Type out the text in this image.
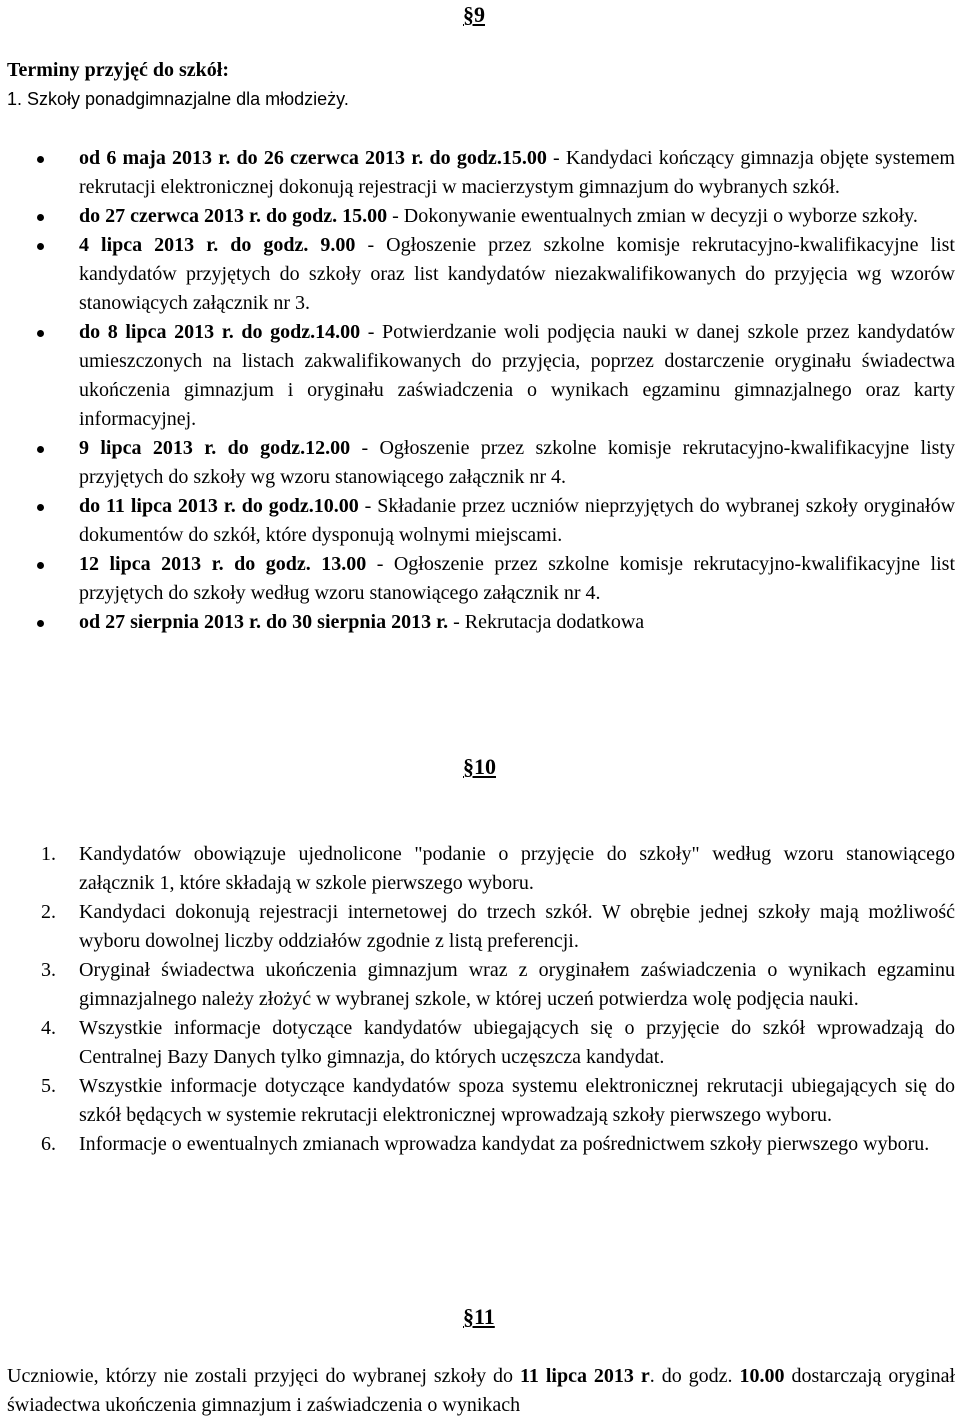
§9
Terminy przyjęć do szkół:
1. Szkoły ponadgimnazjalne dla młodzieży.
od 6 maja 2013 r. do 26 czerwca 2013 r. do godz.15.00 - Kandydaci kończący gimnazja objęte systemem rekrutacji elektronicznej dokonują rejestracji w macierzystym gimnazjum do wybranych szkół.
do 27 czerwca 2013 r. do godz. 15.00 - Dokonywanie ewentualnych zmian w decyzji o wyborze szkoły.
4 lipca 2013 r. do godz. 9.00 - Ogłoszenie przez szkolne komisje rekrutacyjno-kwalifikacyjne list kandydatów przyjętych do szkoły oraz list kandydatów niezakwalifikowanych do przyjęcia wg wzorów stanowiących załącznik nr 3.
do 8 lipca 2013 r. do godz.14.00 - Potwierdzanie woli podjęcia nauki w danej szkole przez kandydatów umieszczonych na listach zakwalifikowanych do przyjęcia, poprzez dostarczenie oryginału świadectwa ukończenia gimnazjum i oryginału zaświadczenia o wynikach egzaminu gimnazjalnego oraz karty informacyjnej.
9 lipca 2013 r. do godz.12.00 - Ogłoszenie przez szkolne komisje rekrutacyjno-kwalifikacyjne listy przyjętych do szkoły wg wzoru stanowiącego załącznik nr 4.
do 11 lipca 2013 r. do godz.10.00 - Składanie przez uczniów nieprzyjętych do wybranej szkoły oryginałów dokumentów do szkół, które dysponują wolnymi miejscami.
12 lipca 2013 r. do godz. 13.00 - Ogłoszenie przez szkolne komisje rekrutacyjno-kwalifikacyjne list przyjętych do szkoły według wzoru stanowiącego załącznik nr 4.
od 27 sierpnia 2013 r. do 30 sierpnia 2013 r. - Rekrutacja dodatkowa
§10
1. Kandydatów obowiązuje ujednolicone "podanie o przyjęcie do szkoły" według wzoru stanowiącego załącznik 1, które składają w szkole pierwszego wyboru.
2. Kandydaci dokonują rejestracji internetowej do trzech szkół. W obrębie jednej szkoły mają możliwość wyboru dowolnej liczby oddziałów zgodnie z listą preferencji.
3. Oryginał świadectwa ukończenia gimnazjum wraz z oryginałem zaświadczenia o wynikach egzaminu gimnazjalnego należy złożyć w wybranej szkole, w której uczeń potwierdza wolę podjęcia nauki.
4. Wszystkie informacje dotyczące kandydatów ubiegających się o przyjęcie do szkół wprowadzają do Centralnej Bazy Danych tylko gimnazja, do których uczęszcza kandydat.
5. Wszystkie informacje dotyczące kandydatów spoza systemu elektronicznej rekrutacji ubiegających się do szkół będących w systemie rekrutacji elektronicznej wprowadzają szkoły pierwszego wyboru.
6. Informacje o ewentualnych zmianach wprowadza kandydat za pośrednictwem szkoły pierwszego wyboru.
§11
Uczniowie, którzy nie zostali przyjęci do wybranej szkoły do 11 lipca 2013 r. do godz. 10.00 dostarczają oryginał świadectwa ukończenia gimnazjum i zaświadczenia o wynikach
